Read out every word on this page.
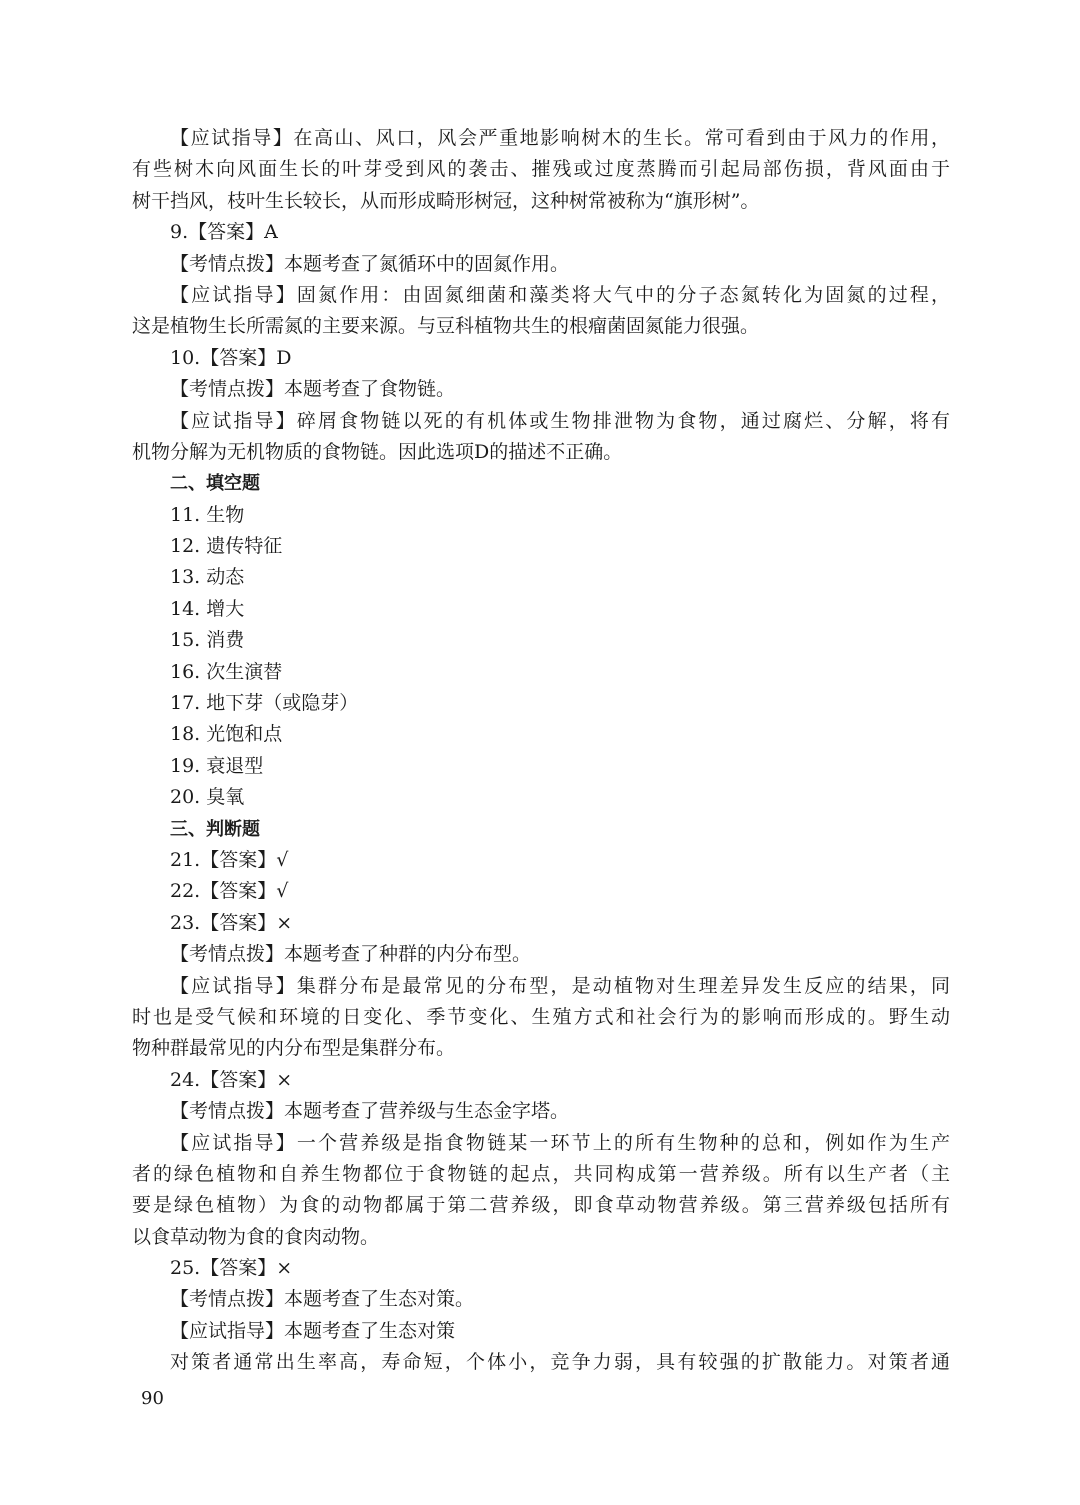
【应试指导】在高山、风口，风会严重地影响树木的生长。常可看到由于风力的作用，

有些树木向风面生长的叶芽受到风的袭击、摧残或过度蒸腾而引起局部伤损，背风面由于

树干挡风，枝叶生长较长，从而形成畸形树冠，这种树常被称为“旗形树”。

9.【答案】A

【考情点拨】本题考查了氮循环中的固氮作用。

【应试指导】固氮作用：由固氮细菌和藻类将大气中的分子态氮转化为固氮的过程，

这是植物生长所需氮的主要来源。与豆科植物共生的根瘤菌固氮能力很强。

10.【答案】D

【考情点拨】本题考查了食物链。

【应试指导】碎屑食物链以死的有机体或生物排泄物为食物，通过腐烂、分解，将有

机物分解为无机物质的食物链。因此选项D的描述不正确。

二、填空题

11. 生物

12. 遗传特征

13. 动态

14. 增大

15. 消费

16. 次生演替

17. 地下芽（或隐芽）

18. 光饱和点

19. 衰退型

20. 臭氧

三、判断题

21.【答案】√

22.【答案】√

23.【答案】×

【考情点拨】本题考查了种群的内分布型。

【应试指导】集群分布是最常见的分布型，是动植物对生理差异发生反应的结果，同

时也是受气候和环境的日变化、季节变化、生殖方式和社会行为的影响而形成的。野生动

物种群最常见的内分布型是集群分布。

24.【答案】×

【考情点拨】本题考查了营养级与生态金字塔。

【应试指导】一个营养级是指食物链某一环节上的所有生物种的总和，例如作为生产

者的绿色植物和自养生物都位于食物链的起点，共同构成第一营养级。所有以生产者（主

要是绿色植物）为食的动物都属于第二营养级，即食草动物营养级。第三营养级包括所有

以食草动物为食的食肉动物。

25.【答案】×

【考情点拨】本题考查了生态对策。

【应试指导】本题考查了生态对策

对策者通常出生率高，寿命短，个体小，竞争力弱，具有较强的扩散能力。对策者通

90
